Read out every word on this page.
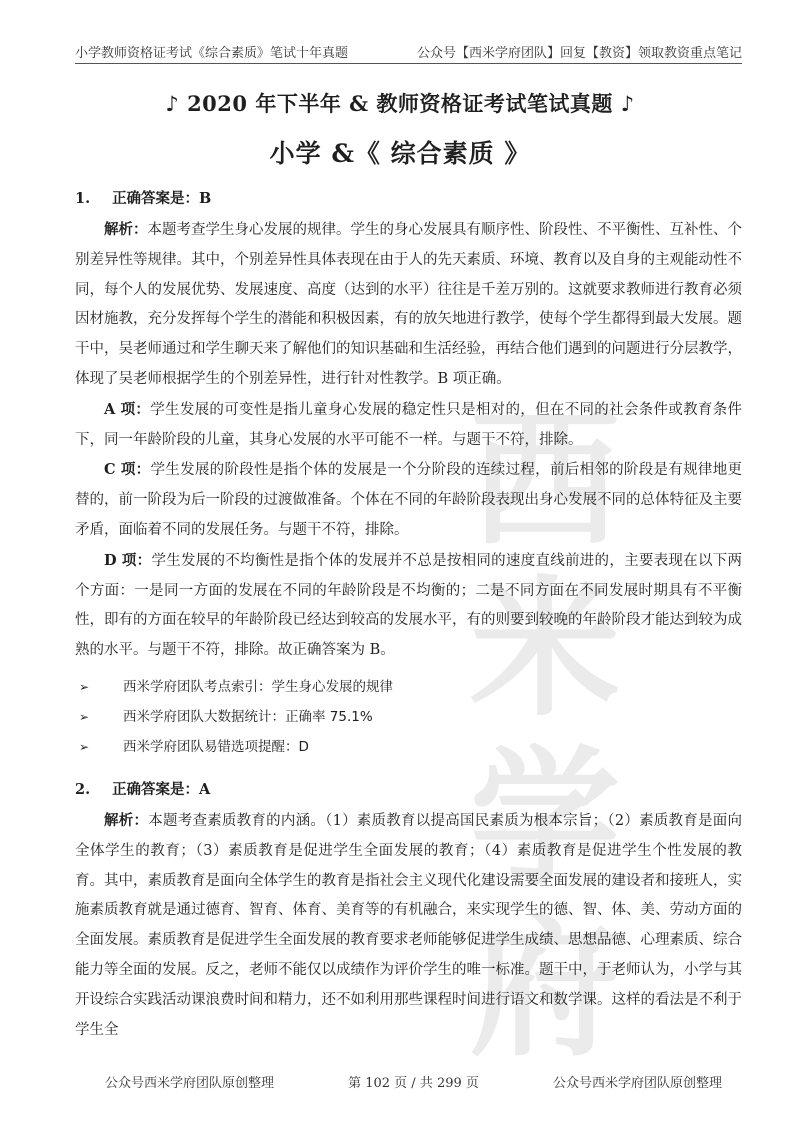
小学教师资格证考试《综合素质》笔试十年真题	公众号【西米学府团队】回复【教资】领取教资重点笔记
♪ 2020 年下半年 & 教师资格证考试笔试真题 ♪
小学 &《 综合素质 》
西米学府
1. 正确答案是：B

解析：本题考查学生身心发展的规律。学生的身心发展具有顺序性、阶段性、不平衡性、互补性、个别差异性等规律。其中，个别差异性具体表现在由于人的先天素质、环境、教育以及自身的主观能动性不同，每个人的发展优势、发展速度、高度（达到的水平）往往是千差万别的。这就要求教师进行教育必须因材施教，充分发挥每个学生的潜能和积极因素，有的放矢地进行教学，使每个学生都得到最大发展。题干中，吴老师通过和学生聊天来了解他们的知识基础和生活经验，再结合他们遇到的问题进行分层教学，体现了吴老师根据学生的个别差异性，进行针对性教学。B 项正确。

A 项：学生发展的可变性是指儿童身心发展的稳定性只是相对的，但在不同的社会条件或教育条件下，同一年龄阶段的儿童，其身心发展的水平可能不一样。与题干不符，排除。

C 项：学生发展的阶段性是指个体的发展是一个分阶段的连续过程，前后相邻的阶段是有规律地更替的，前一阶段为后一阶段的过渡做准备。个体在不同的年龄阶段表现出身心发展不同的总体特征及主要矛盾，面临着不同的发展任务。与题干不符，排除。

D 项：学生发展的不均衡性是指个体的发展并不总是按相同的速度直线前进的，主要表现在以下两个方面：一是同一方面的发展在不同的年龄阶段是不均衡的；二是不同方面在不同发展时期具有不平衡性，即有的方面在较早的年龄阶段已经达到较高的发展水平，有的则要到较晚的年龄阶段才能达到较为成熟的水平。与题干不符，排除。故正确答案为 B。

➢	西米学府团队考点索引：学生身心发展的规律
➢	西米学府团队大数据统计：正确率 75.1%
➢	西米学府团队易错选项提醒：D
2. 正确答案是：A

解析：本题考查素质教育的内涵。（1）素质教育以提高国民素质为根本宗旨；（2）素质教育是面向全体学生的教育；（3）素质教育是促进学生全面发展的教育；（4）素质教育是促进学生个性发展的教育。其中，素质教育是面向全体学生的教育是指社会主义现代化建设需要全面发展的建设者和接班人，实施素质教育就是通过德育、智育、体育、美育等的有机融合，来实现学生的德、智、体、美、劳动方面的全面发展。素质教育是促进学生全面发展的教育要求老师能够促进学生成绩、思想品德、心理素质、综合能力等全面的发展。反之，老师不能仅以成绩作为评价学生的唯一标准。题干中，于老师认为，小学与其开设综合实践活动课浪费时间和精力，还不如利用那些课程时间进行语文和数学课。这样的看法是不利于学生全

公众号西米学府团队原创整理	第 102 页 / 共 299 页	公众号西米学府团队原创整理
